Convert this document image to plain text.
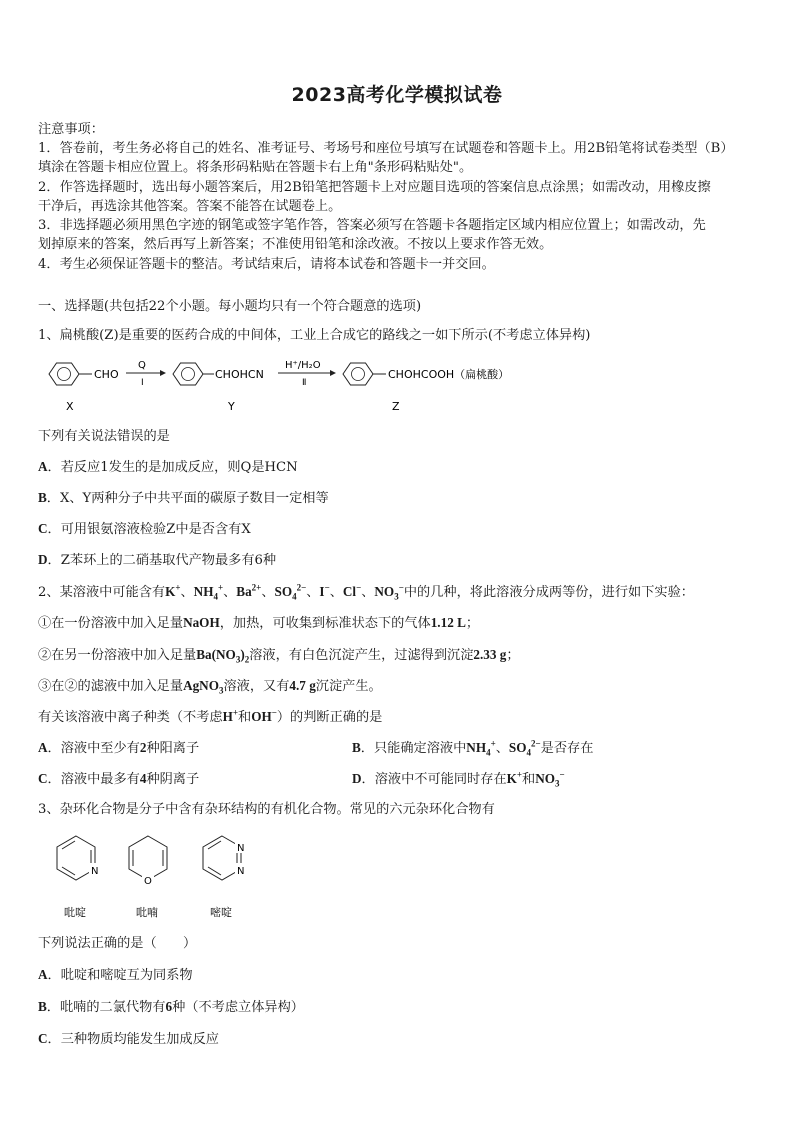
2023高考化学模拟试卷
注意事项：
1．答卷前，考生务必将自己的姓名、准考证号、考场号和座位号填写在试题卷和答题卡上。用2B铅笔将试卷类型（B）
填涂在答题卡相应位置上。将条形码粘贴在答题卡右上角"条形码粘贴处"。
2．作答选择题时，选出每小题答案后，用2B铅笔把答题卡上对应题目选项的答案信息点涂黑；如需改动，用橡皮擦
干净后，再选涂其他答案。答案不能答在试题卷上。
3．非选择题必须用黑色字迹的钢笔或签字笔作答，答案必须写在答题卡各题指定区域内相应位置上；如需改动，先
划掉原来的答案，然后再写上新答案；不准使用铅笔和涂改液。不按以上要求作答无效。
4．考生必须保证答题卡的整洁。考试结束后，请将本试卷和答题卡一并交回。
一、选择题(共包括22个小题。每小题均只有一个符合题意的选项)
1、扁桃酸(Z)是重要的医药合成的中间体，工业上合成它的路线之一如下所示(不考虑立体异构)
CHO
Q
Ⅰ
CHOHCN
H⁺/H₂O
Ⅱ
CHOHCOOH（扁桃酸）
X	Y	Z
下列有关说法错误的是
A．若反应1发生的是加成反应，则Q是HCN
B．X、Y两种分子中共平面的碳原子数目一定相等
C．可用银氨溶液检验Z中是否含有X
D．Z苯环上的二硝基取代产物最多有6种
2、某溶液中可能含有K+、$NH_4^+$、$Ba^{2+}$、$SO_4^{2-}$、I−、Cl−、$NO_3^-$中的几种，将此溶液分成两等份，进行如下实验：
①在一份溶液中加入足量NaOH，加热，可收集到标准状态下的气体1.12 L；
②在另一份溶液中加入足量$Ba(NO_3)_2$溶液，有白色沉淀产生，过滤得到沉淀2.33 g；
③在②的滤液中加入足量AgNO$_3$溶液，又有4.7 g沉淀产生。
有关该溶液中离子种类（不考虑H+和OH−）的判断正确的是
A．溶液中至少有2种阳离子	B．只能确定溶液中$NH_4^+$、$SO_4^{2-}$是否存在
C．溶液中最多有4种阴离子	D．溶液中不可能同时存在K+和$NO_3^-$
3、杂环化合物是分子中含有杂环结构的有机化合物。常见的六元杂环化合物有
N
O
N
N
吡啶	吡喃	嘧啶
下列说法正确的是（　　）
A．吡啶和嘧啶互为同系物
B．吡喃的二氯代物有6种（不考虑立体异构）
C．三种物质均能发生加成反应
